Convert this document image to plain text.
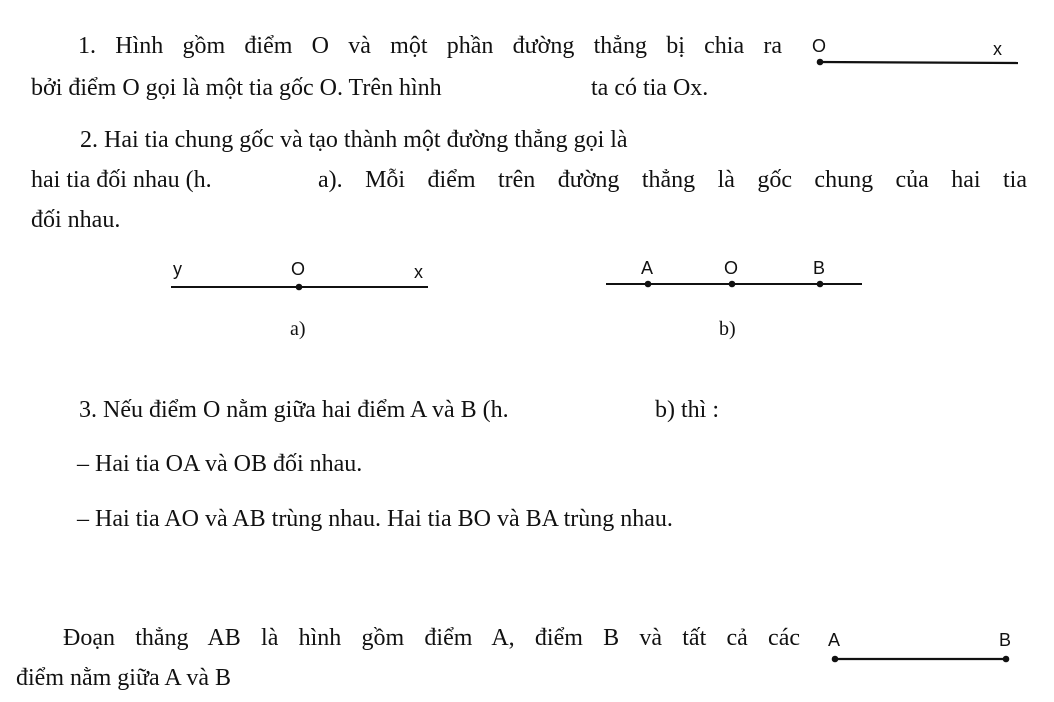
1. Hình gồm điểm O và một phần đường thẳng bị chia ra
bởi điểm O gọi là một tia gốc O. Trên hình	ta có tia Ox.
O	x
2. Hai tia chung gốc và tạo thành một đường thẳng gọi là
hai tia đối nhau (h.	a). Mỗi điểm trên đường thẳng là gốc chung của hai tia
đối nhau.
y	O	x
a)
A	O	B
b)
3. Nếu điểm O nằm giữa hai điểm A và B (h.	b) thì :
– Hai tia OA và OB đối nhau.
– Hai tia AO và AB trùng nhau. Hai tia BO và BA trùng nhau.
Đoạn thẳng AB là hình gồm điểm A, điểm B và tất cả các
điểm nằm giữa A và B
A	B
